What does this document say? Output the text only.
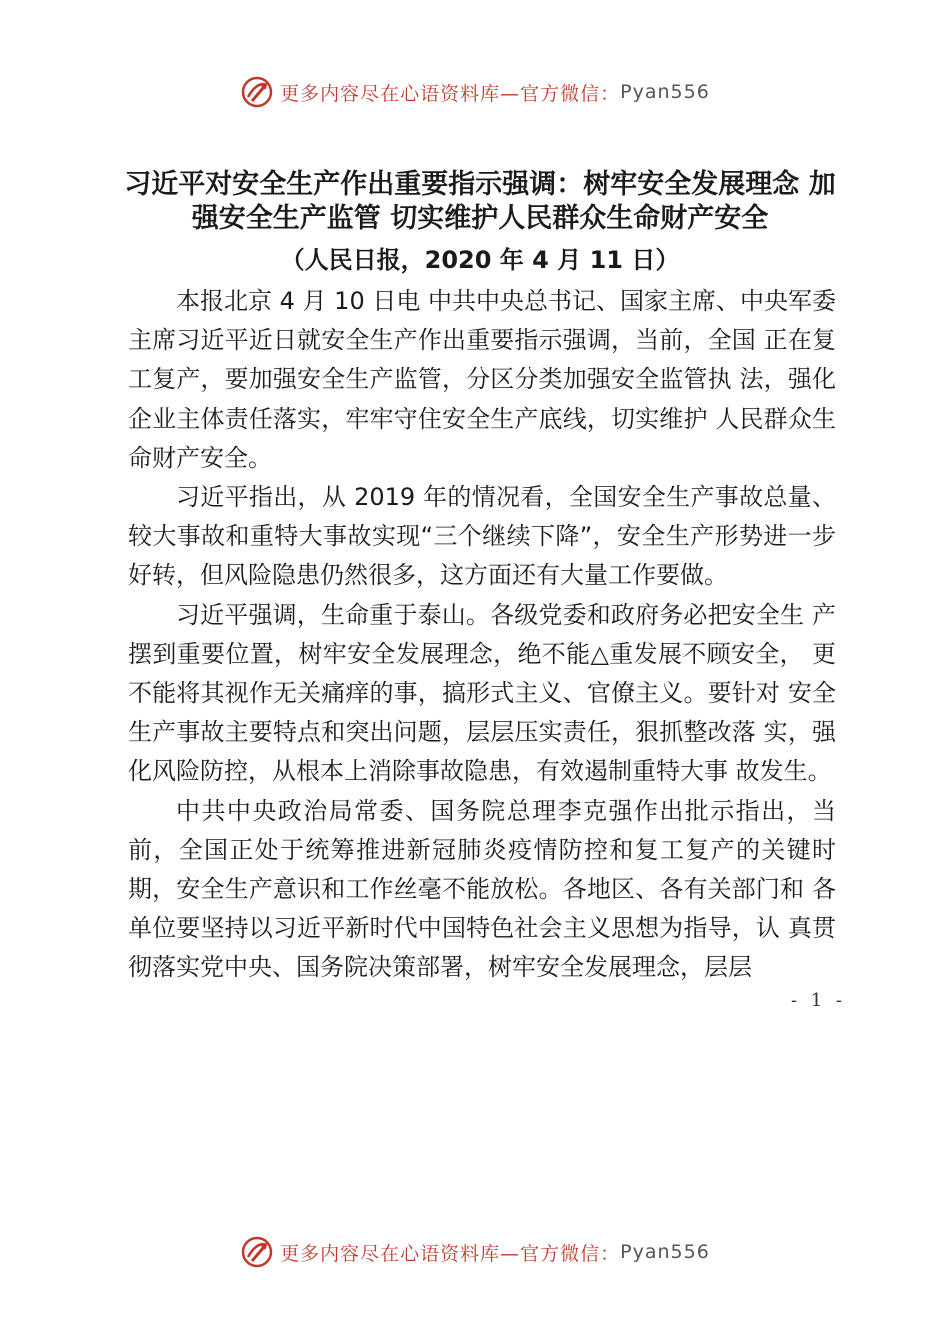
更多内容尽在心语资料库—官方微信： Pyan556
习近平对安全生产作出重要指示强调：树牢安全发展理念 加强安全生产监管 切实维护人民群众生命财产安全
（人民日报，2020 年 4 月 11 日）

本报北京 4 月 10 日电 中共中央总书记、国家主席、中央军委主席习近平近日就安全生产作出重要指示强调，当前，全国 正在复工复产，要加强安全生产监管，分区分类加强安全监管执 法，强化企业主体责任落实，牢牢守住安全生产底线，切实维护 人民群众生命财产安全。

习近平指出，从 2019 年的情况看，全国安全生产事故总量、较大事故和重特大事故实现“三个继续下降”，安全生产形势进一步好转，但风险隐患仍然很多，这方面还有大量工作要做。

习近平强调，生命重于泰山。各级党委和政府务必把安全生 产摆到重要位置，树牢安全发展理念，绝不能△重发展不顾安全， 更不能将其视作无关痛痒的事，搞形式主义、官僚主义。要针对 安全生产事故主要特点和突出问题，层层压实责任，狠抓整改落 实，强化风险防控，从根本上消除事故隐患，有效遏制重特大事 故发生。

中共中央政治局常委、国务院总理李克强作出批示指出，当 前，全国正处于统筹推进新冠肺炎疫情防控和复工复产的关键时 期，安全生产意识和工作丝毫不能放松。各地区、各有关部门和 各单位要坚持以习近平新时代中国特色社会主义思想为指导，认 真贯彻落实党中央、国务院决策部署，树牢安全发展理念，层层

- 1 -
更多内容尽在心语资料库—官方微信： Pyan556
